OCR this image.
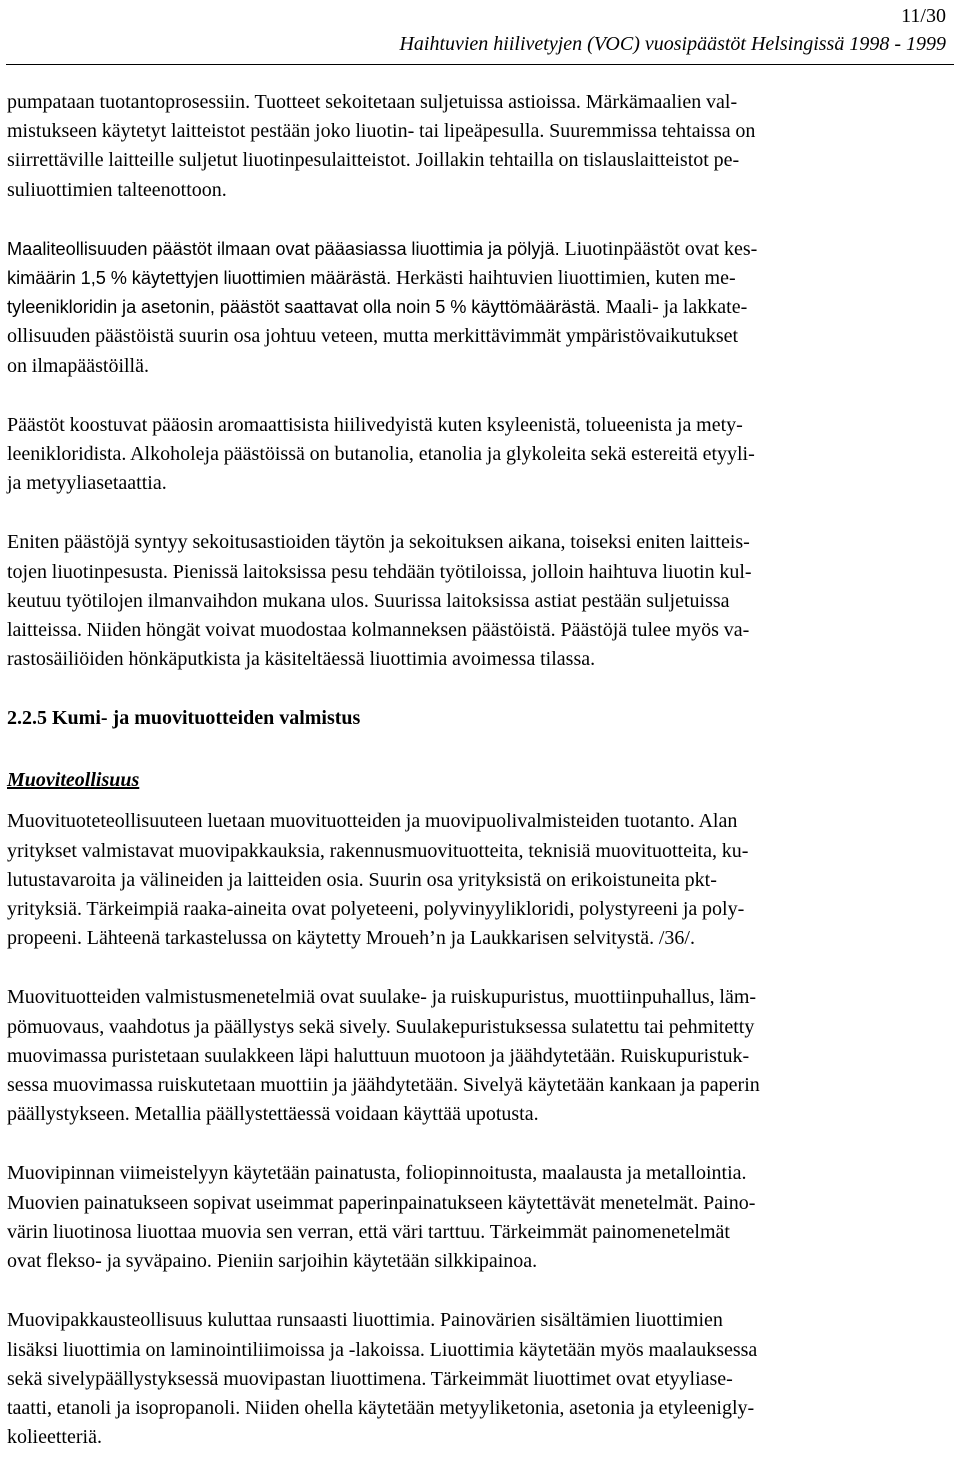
11/30
Haihtuvien hiilivetyjen (VOC) vuosipäästöt Helsingissä 1998 - 1999
pumpataan tuotantoprosessiin. Tuotteet sekoitetaan suljetuissa astioissa. Märkämaalien val-
mistukseen käytetyt laitteistot pestään joko liuotin- tai lipeäpesulla. Suuremmissa tehtaissa on
siirrettäville laitteille suljetut liuotinpesulaitteistot. Joillakin tehtailla on tislauslaitteistot pe-
suliuottimien talteenottoon.
Maaliteollisuuden päästöt ilmaan ovat pääasiassa liuottimia ja pölyjä. Liuotinpäästöt ovat kes-
kimäärin 1,5 % käytettyjen liuottimien määrästä. Herkästi haihtuvien liuottimien, kuten me-
tyleenikloridin ja asetonin, päästöt saattavat olla noin 5 % käyttömäärästä. Maali- ja lakkate-
ollisuuden päästöistä suurin osa johtuu veteen, mutta merkittävimmät ympäristövaikutukset
on ilmapäästöillä.
Päästöt koostuvat pääosin aromaattisista hiilivedyistä kuten ksyleenistä, tolueenista ja mety-
leenikloridista. Alkoholeja päästöissä on butanolia, etanolia ja glykoleita sekä estereitä etyyli-
ja metyyliasetaattia.
Eniten päästöjä syntyy sekoitusastioiden täytön ja sekoituksen aikana, toiseksi eniten laitteis-
tojen liuotinpesusta. Pienissä laitoksissa pesu tehdään työtiloissa, jolloin haihtuva liuotin kul-
keutuu työtilojen ilmanvaihdon mukana ulos. Suurissa laitoksissa astiat pestään suljetuissa
laitteissa. Niiden höngät voivat muodostaa kolmanneksen päästöistä. Päästöjä tulee myös va-
rastosäiliöiden hönkäputkista ja käsiteltäessä liuottimia avoimessa tilassa.
2.2.5 Kumi- ja muovituotteiden valmistus
Muoviteollisuus
Muovituoteteollisuuteen luetaan muovituotteiden ja muovipuolivalmisteiden tuotanto. Alan
yritykset valmistavat muovipakkauksia, rakennusmuovituotteita, teknisiä muovituotteita, ku-
lutustavaroita ja välineiden ja laitteiden osia. Suurin osa yrityksistä on erikoistuneita pkt-
yrityksiä. Tärkeimpiä raaka-aineita ovat polyeteeni, polyvinyylikloridi, polystyreeni ja poly-
propeeni. Lähteenä tarkastelussa on käytetty Mroueh’n ja Laukkarisen selvitystä. /36/.
Muovituotteiden valmistusmenetelmiä ovat suulake- ja ruiskupuristus, muottiinpuhallus, läm-
pömuovaus, vaahdotus ja päällystys sekä sively. Suulakepuristuksessa sulatettu tai pehmitetty
muovimassa puristetaan suulakkeen läpi haluttuun muotoon ja jäähdytetään. Ruiskupuristuk-
sessa muovimassa ruiskutetaan muottiin ja jäähdytetään. Sivelyä käytetään kankaan ja paperin
päällystykseen. Metallia päällystettäessä voidaan käyttää upotusta.
Muovipinnan viimeistelyyn käytetään painatusta, foliopinnoitusta, maalausta ja metallointia.
Muovien painatukseen sopivat useimmat paperinpainatukseen käytettävät menetelmät. Paino-
värin liuotinosa liuottaa muovia sen verran, että väri tarttuu. Tärkeimmät painomenetelmät
ovat flekso- ja syväpaino. Pieniin sarjoihin käytetään silkkipainoa.
Muovipakkausteollisuus kuluttaa runsaasti liuottimia. Painovärien sisältämien liuottimien
lisäksi liuottimia on laminointiliimoissa ja -lakoissa. Liuottimia käytetään myös maalauksessa
sekä sivelypäällystyksessä muovipastan liuottimena. Tärkeimmät liuottimet ovat etyyliase-
taatti, etanoli ja isopropanoli. Niiden ohella käytetään metyyliketonia, asetonia ja etyleenigly-
kolieetteriä.
